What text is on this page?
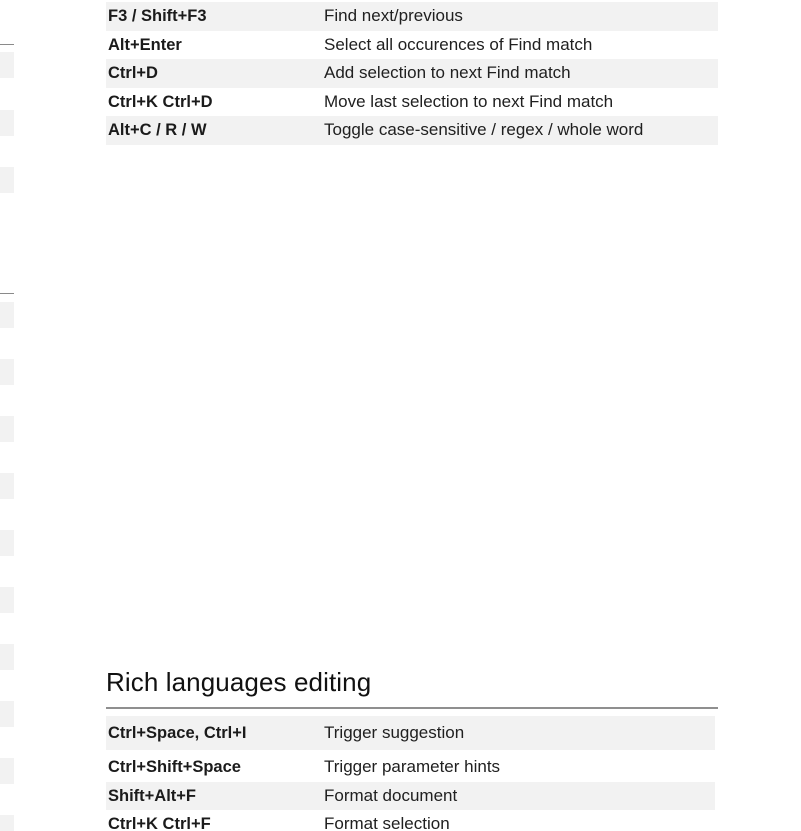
F3 / Shift+F3	Find next/previous
Alt+Enter	Select all occurences of Find match
Ctrl+D	Add selection to next Find match
Ctrl+K Ctrl+D	Move last selection to next Find match
Alt+C / R / W	Toggle case-sensitive / regex / whole word
Rich languages editing
Ctrl+Space, Ctrl+I	Trigger suggestion
Ctrl+Shift+Space	Trigger parameter hints
Shift+Alt+F	Format document
Ctrl+K Ctrl+F	Format selection
